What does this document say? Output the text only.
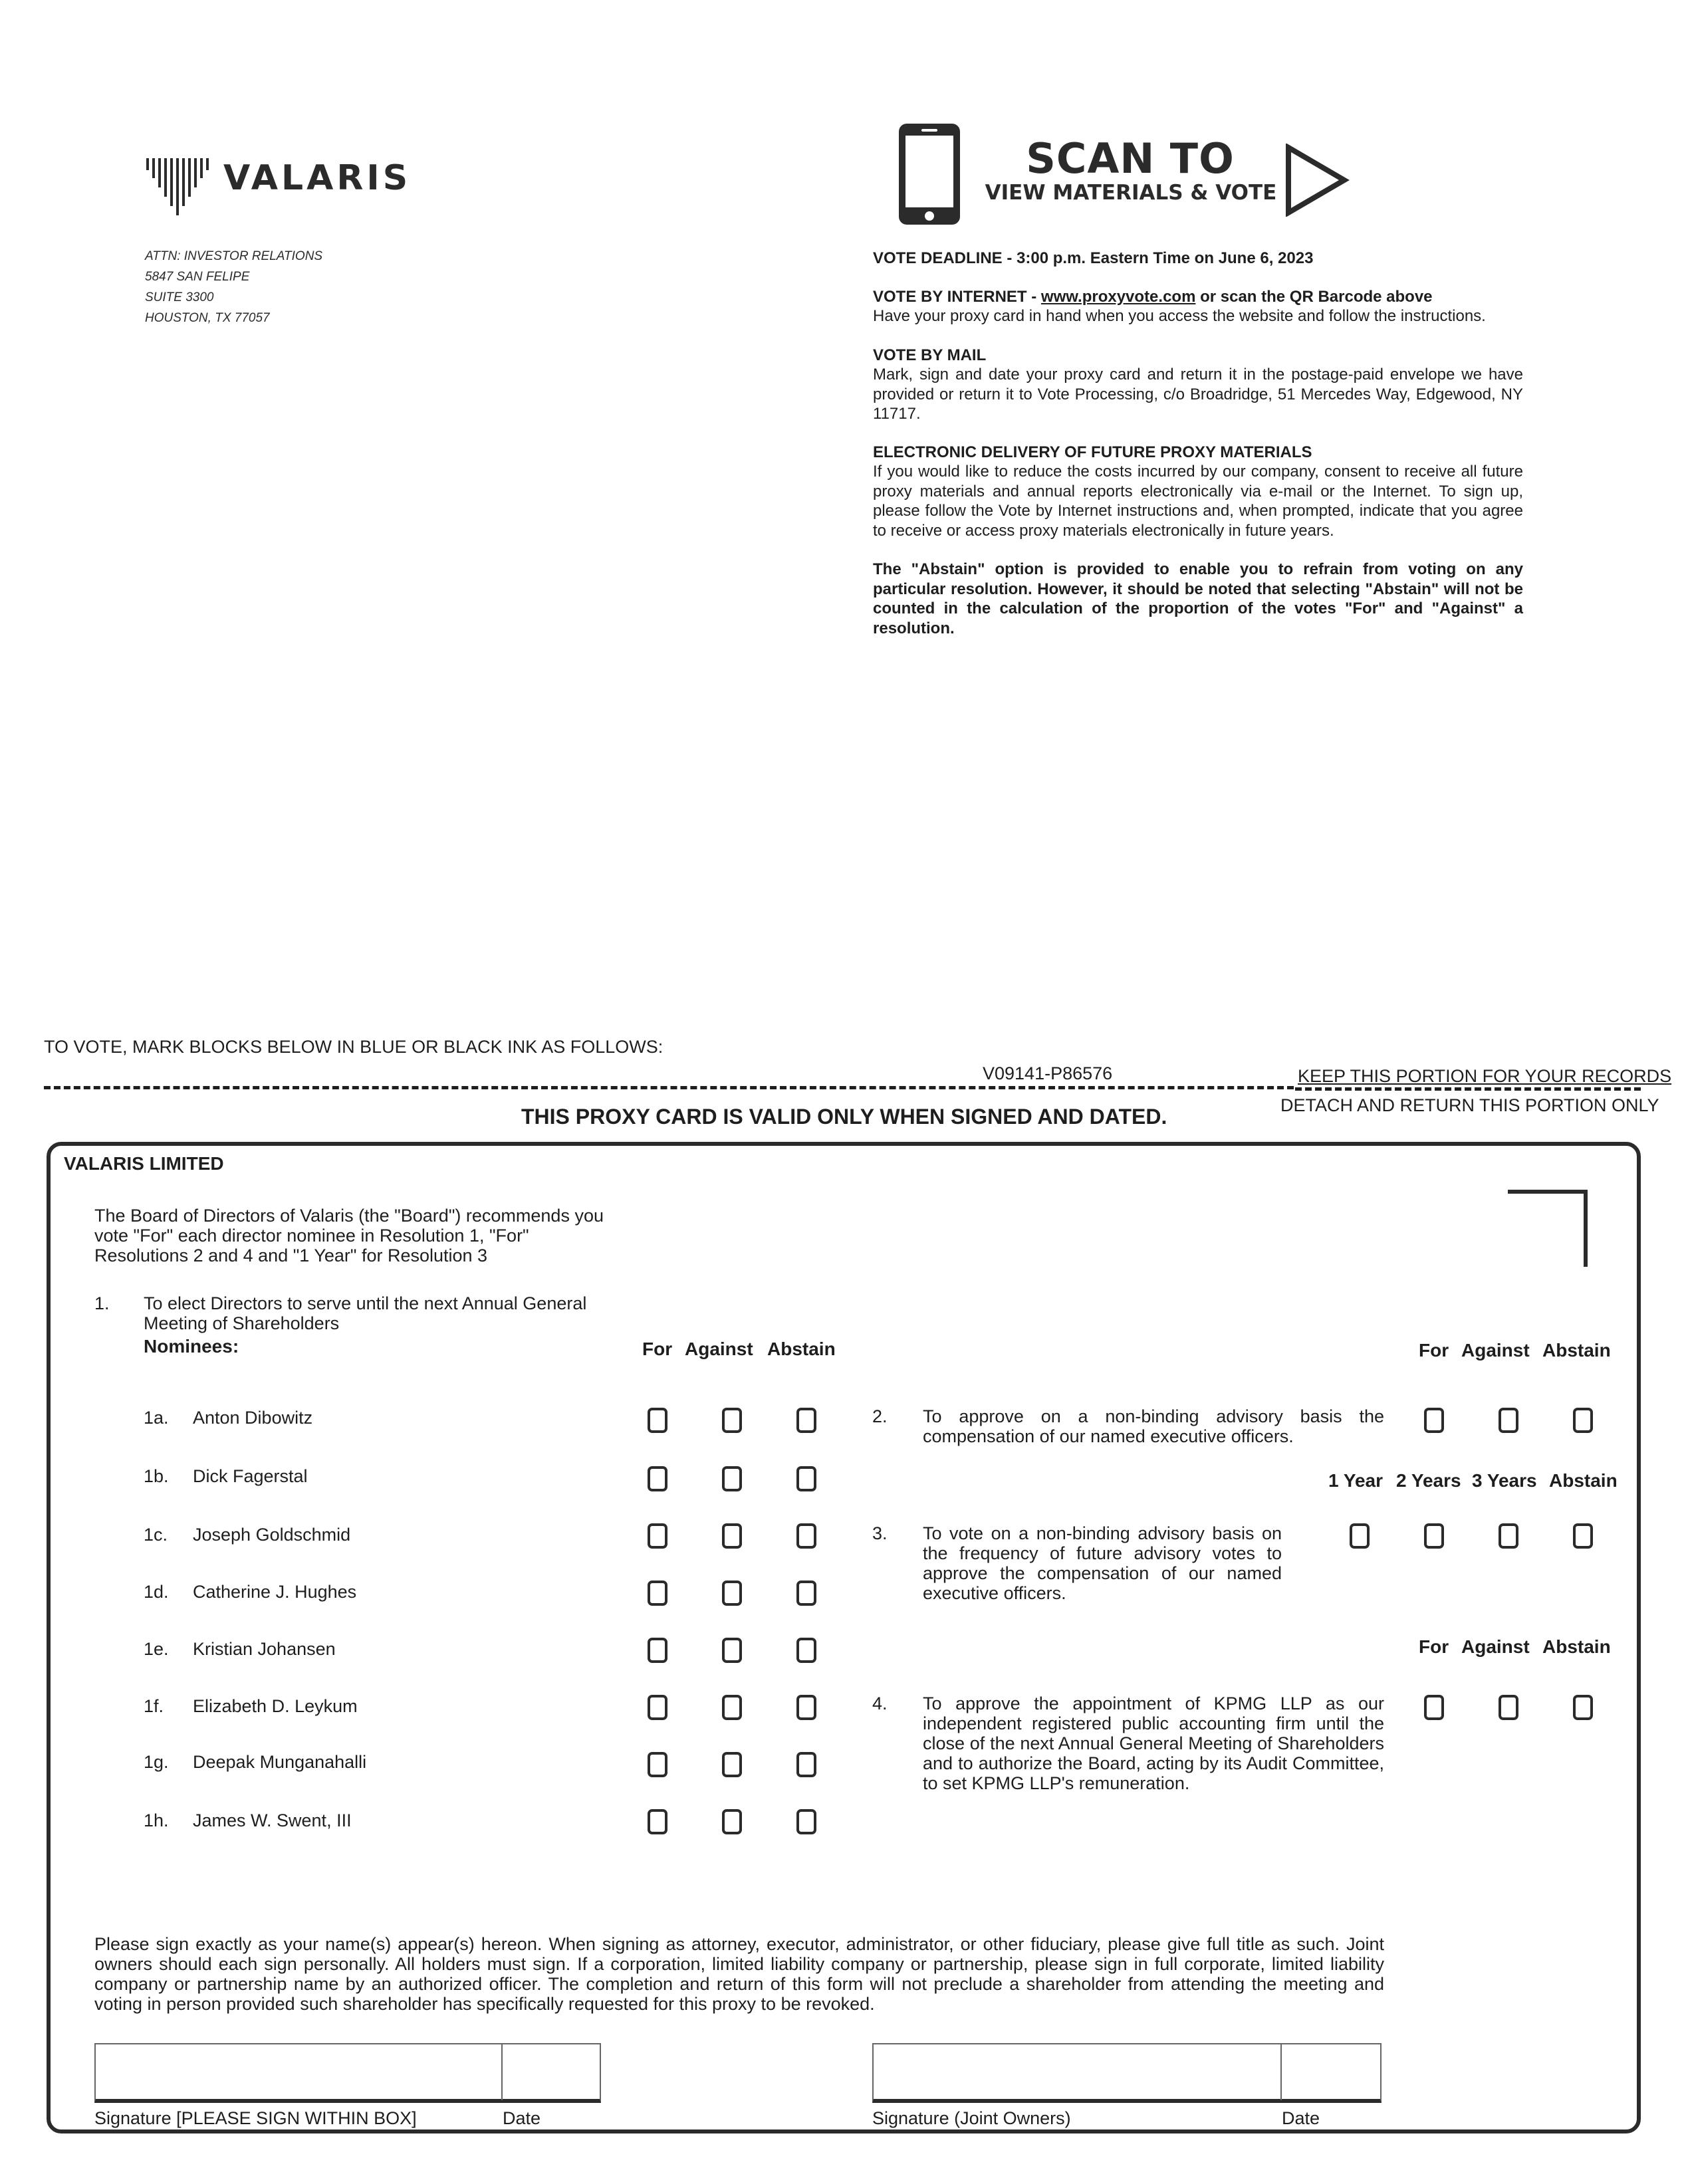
VALARIS
ATTN: INVESTOR RELATIONS
5847 SAN FELIPE
SUITE 3300
HOUSTON, TX 77057
SCAN TO
VIEW MATERIALS & VOTE
VOTE DEADLINE - 3:00 p.m. Eastern Time on June 6, 2023
VOTE BY INTERNET - www.proxyvote.com or scan the QR Barcode above
Have your proxy card in hand when you access the website and follow the instructions.
VOTE BY MAIL
Mark, sign and date your proxy card and return it in the postage-paid envelope we have provided or return it to Vote Processing, c/o Broadridge, 51 Mercedes Way, Edgewood, NY 11717.
ELECTRONIC DELIVERY OF FUTURE PROXY MATERIALS
If you would like to reduce the costs incurred by our company, consent to receive all future proxy materials and annual reports electronically via e-mail or the Internet. To sign up, please follow the Vote by Internet instructions and, when prompted, indicate that you agree to receive or access proxy materials electronically in future years.
The "Abstain" option is provided to enable you to refrain from voting on any particular resolution. However, it should be noted that selecting "Abstain" will not be counted in the calculation of the proportion of the votes "For" and "Against" a resolution.
TO VOTE, MARK BLOCKS BELOW IN BLUE OR BLACK INK AS FOLLOWS:
V09141-P86576	KEEP THIS PORTION FOR YOUR RECORDS
DETACH AND RETURN THIS PORTION ONLY
THIS PROXY CARD IS VALID ONLY WHEN SIGNED AND DATED.
VALARIS LIMITED
The Board of Directors of Valaris (the "Board") recommends you vote "For" each director nominee in Resolution 1, "For" Resolutions 2 and 4 and "1 Year" for Resolution 3
1. To elect Directors to serve until the next Annual General Meeting of Shareholders
Nominees:	For Against Abstain
1a. Anton Dibowitz
1b. Dick Fagerstal
1c. Joseph Goldschmid
1d. Catherine J. Hughes
1e. Kristian Johansen
1f. Elizabeth D. Leykum
1g. Deepak Munganahalli
1h. James W. Swent, III
For Against Abstain
2. To approve on a non-binding advisory basis the compensation of our named executive officers.
1 Year 2 Years 3 Years Abstain
3. To vote on a non-binding advisory basis on the frequency of future advisory votes to approve the compensation of our named executive officers.
For Against Abstain
4. To approve the appointment of KPMG LLP as our independent registered public accounting firm until the close of the next Annual General Meeting of Shareholders and to authorize the Board, acting by its Audit Committee, to set KPMG LLP's remuneration.
Please sign exactly as your name(s) appear(s) hereon. When signing as attorney, executor, administrator, or other fiduciary, please give full title as such. Joint owners should each sign personally. All holders must sign. If a corporation, limited liability company or partnership, please sign in full corporate, limited liability company or partnership name by an authorized officer. The completion and return of this form will not preclude a shareholder from attending the meeting and voting in person provided such shareholder has specifically requested for this proxy to be revoked.
Signature [PLEASE SIGN WITHIN BOX]	Date	Signature (Joint Owners)	Date
